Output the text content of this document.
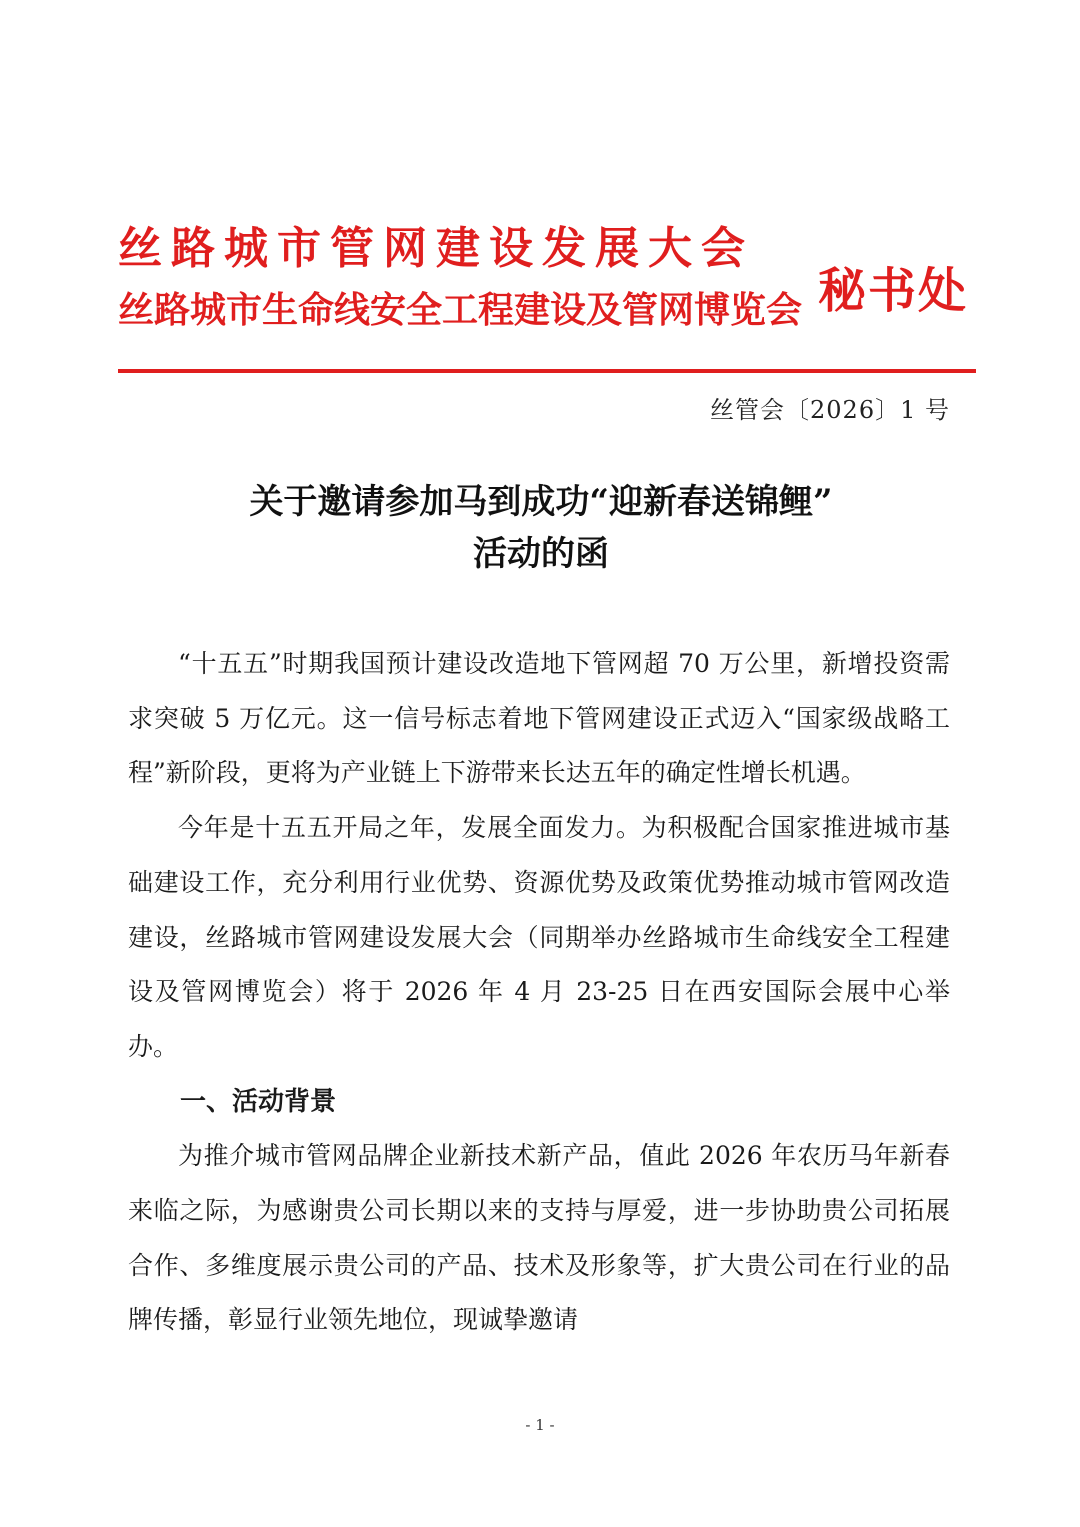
丝路城市管网建设发展大会
丝路城市生命线安全工程建设及管网博览会 秘书处
丝管会〔2026〕1 号
关于邀请参加马到成功“迎新春送锦鲤”
活动的函

“十五五”时期我国预计建设改造地下管网超 70 万公里，新增投资需求突破 5 万亿元。这一信号标志着地下管网建设正式迈入“国家级战略工程”新阶段，更将为产业链上下游带来长达五年的确定性增长机遇。

今年是十五五开局之年，发展全面发力。为积极配合国家推进城市基础建设工作，充分利用行业优势、资源优势及政策优势推动城市管网改造建设，丝路城市管网建设发展大会（同期举办丝路城市生命线安全工程建设及管网博览会）将于 2026 年 4 月 23-25 日在西安国际会展中心举办。

一、活动背景

为推介城市管网品牌企业新技术新产品，值此 2026 年农历马年新春来临之际，为感谢贵公司长期以来的支持与厚爱，进一步协助贵公司拓展合作、多维度展示贵公司的产品、技术及形象等，扩大贵公司在行业的品牌传播，彰显行业领先地位，现诚挚邀请

- 1 -
